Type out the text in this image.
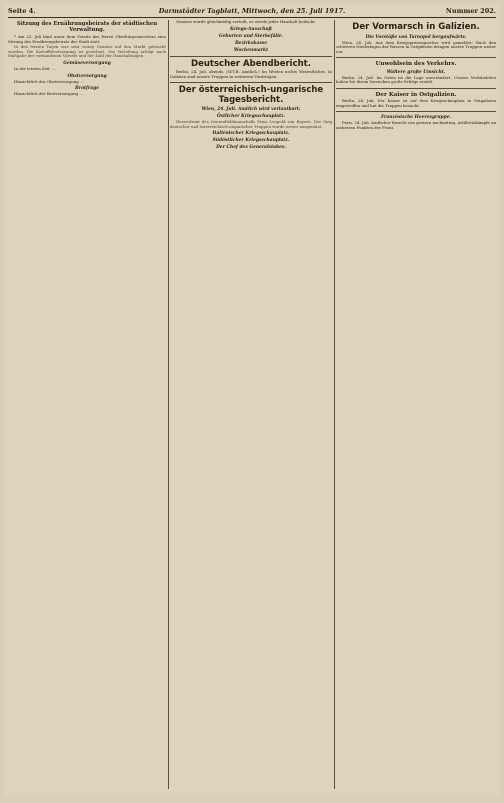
Seite 4.	Darmstädter Tagblatt, Mittwoch, den 25. Juli 1917.	Nummer 202.
Sitzung des Ernährungsbeirats der städtischen Verwaltung.

* Am 23. Juli fand unter dem Vorsitz des Herrn Oberbürgermeisters eine Sitzung des Ernährungsbeirats der Stadt statt.

In den letzten Tagen war sehr wenig Gemüse auf den Markt gebracht worden. Die Kartoffelversorgung ist gesichert. Die Verteilung erfolgt nach Maßgabe der vorhandenen Vorräte und der Zahl der Haushaltungen.

Gemüseversorgung

In der letzten Zeit …

Obstversorgung

Hinsichtlich der Obstversorgung …

Brotfrage

Hinsichtlich der Brotversorgung …

Gemüse wurde gleichmäßig verteilt, es wurde jeder Haushalt bedacht.

Kriegs-Ausschuß
Geburten und Sterbefälle.
Bezirkskasse
Wochenmarkt
Deutscher Abendbericht.

Berlin, 24. Juli, abends. (W.T.B. Amtlich.) Im Westen nichts Wesentliches. In Galizien sind unsere Truppen in weiterem Vordringen.

Der österreichisch-ungarische Tagesbericht.
Wien, 24. Juli. Amtlich wird verlautbart:
Östlicher Kriegsschauplatz.

Heeresfront des Generalfeldmarschalls Prinz Leopold von Bayern. Der Sieg deutscher und österreichisch-ungarischer Truppen wurde weiter ausgenützt.

Italienischer Kriegsschauplatz.
Südöstlicher Kriegsschauplatz.
Der Chef des Generalstabes.
Der Vormarsch in Galizien.
Die Vorstöße von Tarnopol bergaufwärts.

Wien, 24. Juli. Aus dem Kriegspressequartier wird gemeldet: Nach den schweren Niederlagen der Russen in Ostgalizien dringen unsere Truppen weiter vor.

Unwohlsein des Verkehrs.
Waltere große Umsicht.

Berlin, 24. Juli. Im Osten ist die Lage unverändert. Unsere Verbündeten haben bei ihrem Vorrücken große Erfolge erzielt.

Der Kaiser in Ostgalizien.

Berlin, 24. Juli. Der Kaiser ist auf dem Kriegsschauplatz in Ostgalizien eingetroffen und hat die Truppen besucht.

Französische Heeresgruppe.

Paris, 24. Juli. Amtlicher Bericht von gestern nachmittag. Artilleriekämpfe an mehreren Punkten der Front.
